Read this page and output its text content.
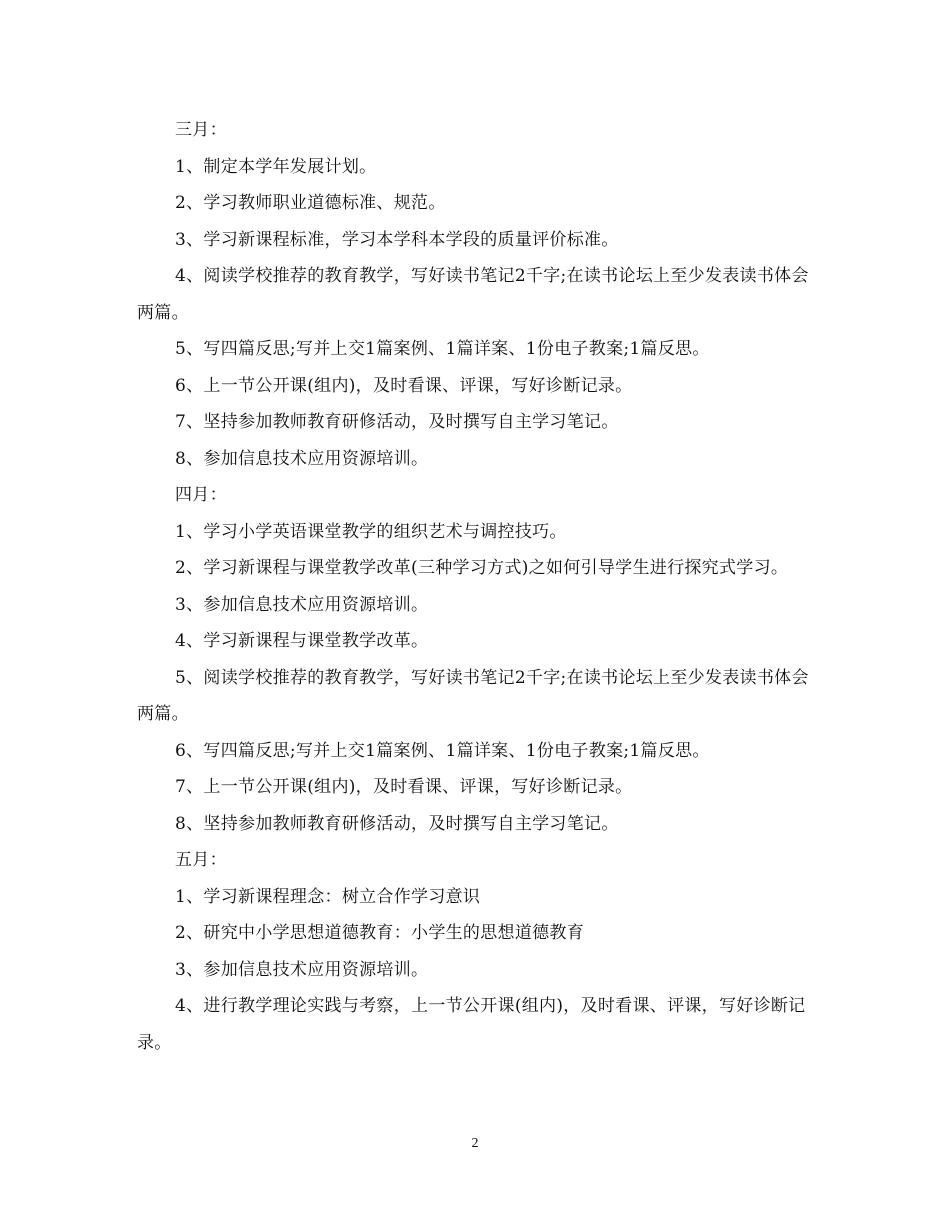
三月：

1、制定本学年发展计划。

2、学习教师职业道德标准、规范。

3、学习新课程标准，学习本学科本学段的质量评价标准。

4、阅读学校推荐的教育教学，写好读书笔记2千字;在读书论坛上至少发表读书体会两篇。

5、写四篇反思;写并上交1篇案例、1篇详案、1份电子教案;1篇反思。

6、上一节公开课(组内)，及时看课、评课，写好诊断记录。

7、坚持参加教师教育研修活动，及时撰写自主学习笔记。

8、参加信息技术应用资源培训。

四月：

1、学习小学英语课堂教学的组织艺术与调控技巧。

2、学习新课程与课堂教学改革(三种学习方式)之如何引导学生进行探究式学习。

3、参加信息技术应用资源培训。

4、学习新课程与课堂教学改革。

5、阅读学校推荐的教育教学，写好读书笔记2千字;在读书论坛上至少发表读书体会两篇。

6、写四篇反思;写并上交1篇案例、1篇详案、1份电子教案;1篇反思。

7、上一节公开课(组内)，及时看课、评课，写好诊断记录。

8、坚持参加教师教育研修活动，及时撰写自主学习笔记。

五月：

1、学习新课程理念：树立合作学习意识

2、研究中小学思想道德教育：小学生的思想道德教育

3、参加信息技术应用资源培训。

4、进行教学理论实践与考察，上一节公开课(组内)，及时看课、评课，写好诊断记录。

2
